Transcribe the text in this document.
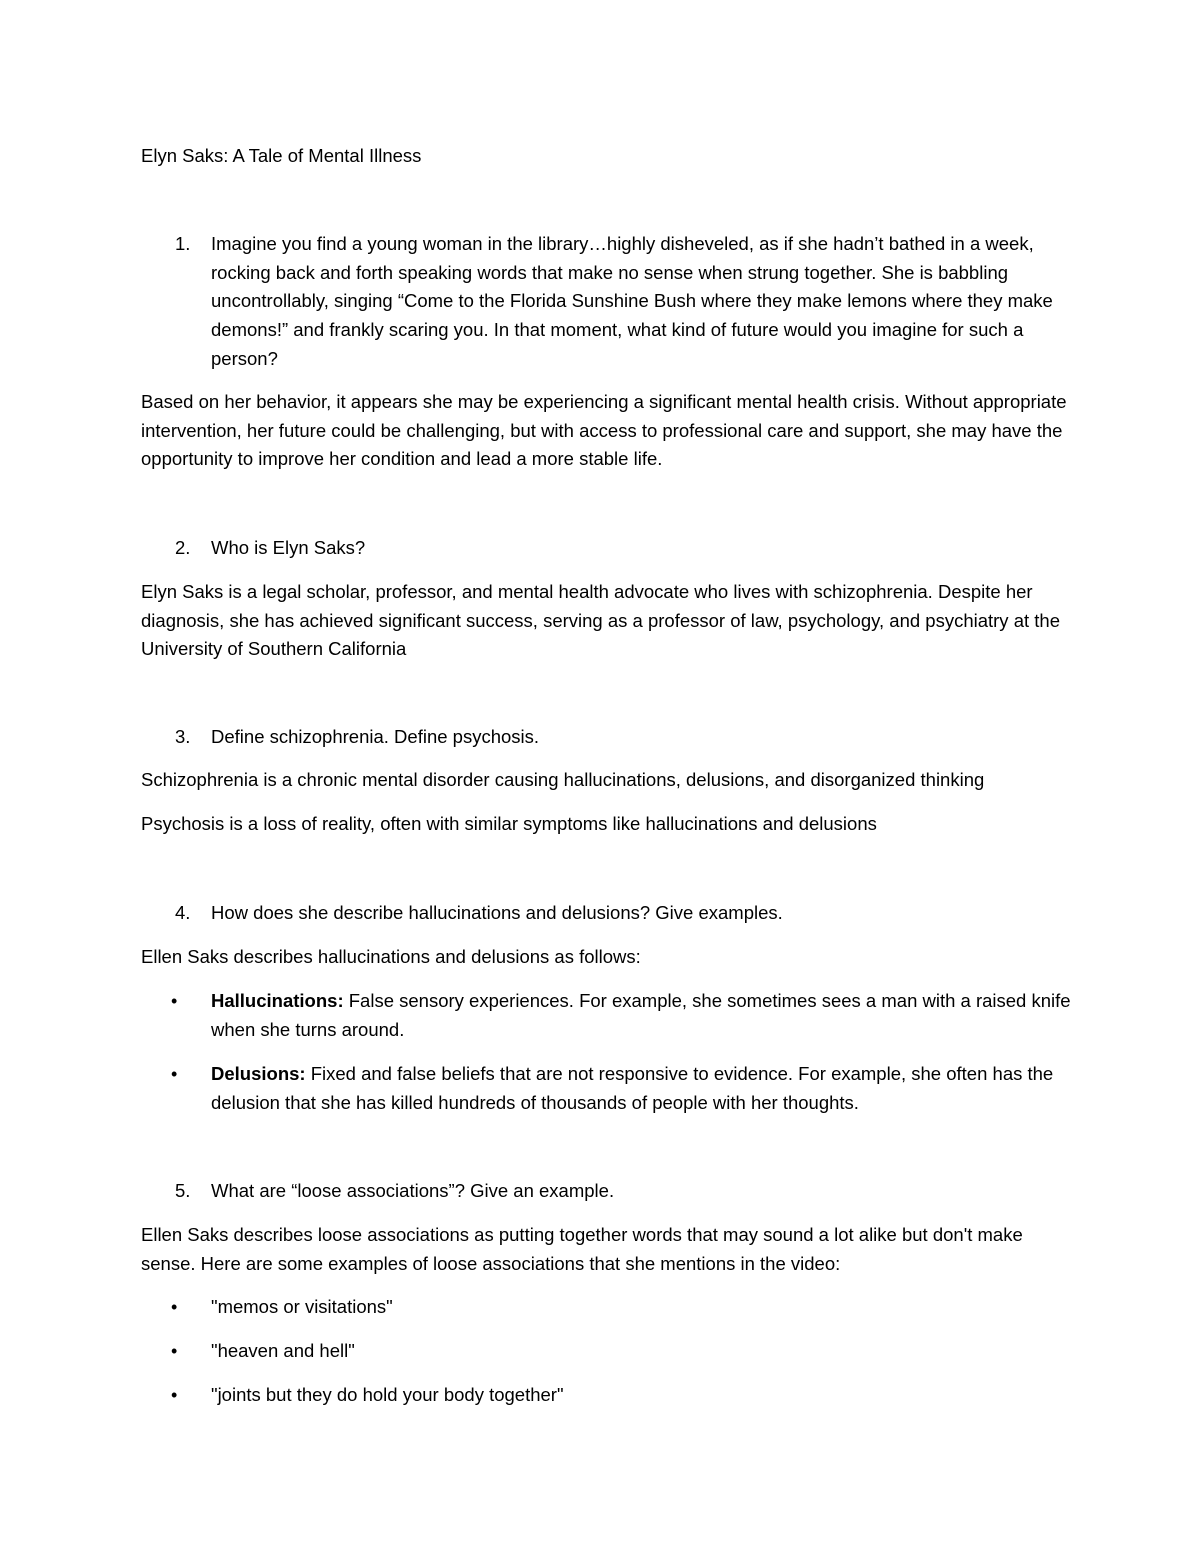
Elyn Saks: A Tale of Mental Illness

1. Imagine you find a young woman in the library…highly disheveled, as if she hadn’t bathed in a week, rocking back and forth speaking words that make no sense when strung together. She is babbling uncontrollably, singing “Come to the Florida Sunshine Bush where they make lemons where they make demons!” and frankly scaring you. In that moment, what kind of future would you imagine for such a person?

Based on her behavior, it appears she may be experiencing a significant mental health crisis. Without appropriate intervention, her future could be challenging, but with access to professional care and support, she may have the opportunity to improve her condition and lead a more stable life.

2. Who is Elyn Saks?

Elyn Saks is a legal scholar, professor, and mental health advocate who lives with schizophrenia. Despite her diagnosis, she has achieved significant success, serving as a professor of law, psychology, and psychiatry at the University of Southern California

3. Define schizophrenia. Define psychosis.

Schizophrenia is a chronic mental disorder causing hallucinations, delusions, and disorganized thinking

Psychosis is a loss of reality, often with similar symptoms like hallucinations and delusions

4. How does she describe hallucinations and delusions? Give examples.

Ellen Saks describes hallucinations and delusions as follows:

• Hallucinations: False sensory experiences. For example, she sometimes sees a man with a raised knife when she turns around.

• Delusions: Fixed and false beliefs that are not responsive to evidence. For example, she often has the delusion that she has killed hundreds of thousands of people with her thoughts.

5. What are “loose associations”? Give an example.

Ellen Saks describes loose associations as putting together words that may sound a lot alike but don't make sense. Here are some examples of loose associations that she mentions in the video:

• "memos or visitations"

• "heaven and hell"

• "joints but they do hold your body together"
